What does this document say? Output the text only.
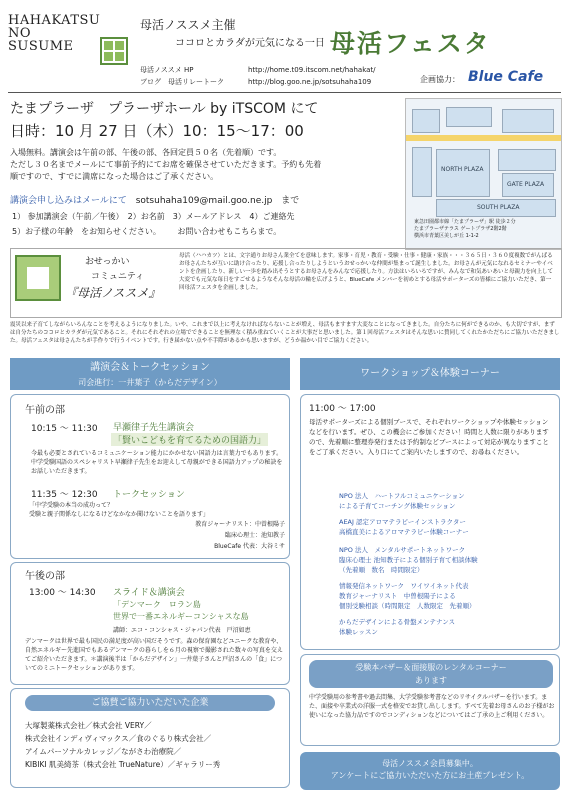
HAHAKATSU
NO
SUSUME
母活ノススメ主催
ココロとカラダが元気になる一日 母活フェスタ
母活ノススメ HP	http://home.t09.itscom.net/hahakat/
ブログ　母活リレートーク	http://blog.goo.ne.jp/sotsuhaha109	企画協力： Blue Cafe
たまプラーザ　プラーザホール by iTSCOM にて
日時：10 月 27 日（木）10：15〜17：00
入場無料。講演会は午前の部、午後の部、各回定員５０名（先着順）です。
ただし３０名までメールにて事前予約にてお席を確保させていただきます。予約も先着
順ですので、すでに満席になった場合はご了承ください。
講演会申し込みはメールにて sotsuhaha109@mail.goo.ne.jp まで
1） 参加講演会（午前／午後）　2）お名前　3）メールアドレス　4）ご連絡先
5）お子様の年齢　をお知らせください。 お問い合わせもこちらまで。
NORTH PLAZA
GATE PLAZA
SOUTH PLAZA
東急田園都市線「たまプラーザ」駅 徒歩２分
たまプラーザテラス ゲートプラザ2階2階
横浜市青葉区美しが丘 1-1-2
おせっかい
コミュニティ
『母活ノススメ』
母活（ハハカツ）とは、文字通りお母さん業全てを意味します。家事・育児・教育・受験・仕事・健康・家族・・・３６５日・３６０度複数でがんばるお母さんたちが互いに助け合ったり、応援し合ったりしようというおせっかいな仲間が集まって誕生しました。お母さんが元気になれるセミナーやイベントを企画したり、新しい一歩を踏み出そうとするお母さんをみんなで応援したり。方法はいろいろですが、みんなで和気あいあいと母親力を向上して大変でも元気な毎日をすごせるようなそんな母活の輪を広げようと、BlueCafe メンバーを初めとする母活サポーターズの皆様にご協力いただき、第一回母活フェスタを企画しました。
震災以来子育てしながらいろんなことを考えるようになりました。いや、これまで以上に考えなければならないことが増え、母活もますます大変なことになってきました。自分たちに何ができるのか、も大切ですが、まずは自分たちのココロとカラダが元気であること。それにそれぞれの立場でできることを無理なく積み重ねていくことが大事だと思いました。第１回母活フェスタはそんな思いに賛同してくれたかただちにご協力いただきました。母活フェスタは母さんたちが手作りで行うイベントです。行き届かない点や不手際があるかも思いますが、どうか温かい目でご協力ください。
講演会＆トークセッション
司会進行：一井葉子（からだデザイン）
午前の部
10:15 〜 11:30 早瀬律子先生講演会
「賢いこどもを育てるための国語力」
今最も必要とされているコミュニケーション能力にかかせない国語力は言葉力でもあります。　中学受験国語のスペシャリスト早瀬律子先生をお迎えして母親ができる国語力アップの秘訣をお話しいただきます。
11:35 〜 12:30 トークセッション
「中学受験の本当の成功って？
受験と親子関係なしになるけどなかなか聞けないことを語ります」
教育ジャーナリスト：中曽根陽子
臨床心理士：池知教子
BlueCafe 代表：大谷ミサ
午後の部
13:00 〜 14:30 スライド＆講演会
「デンマーク　ロラン島
世界で一番エネルギーコンシャスな島
講師：エコ・コンシャス・ジャパン代表　戸沼如恵
デンマークは世界で最も国民の満足度が高い国だそうです。森の保育園などユニークな教育や、自然エネルギー先進国でもあるデンマークの暮らしを６月の視察で撮影された数々の写真を交えてご紹介いただきます。＊講演後半は「からだデザイン」一井葉子さんと戸沼さんの「食」についてのミニトークセッションがあります。
ご協賛ご協力いただいた企業
大塚製薬株式会社／株式会社 VERY／
株式会社インディヴィマックス／食のぐるり株式会社／
アイムパーソナルカレッジ／ながさわ治療院／
KIBIKI 肌美綺茶（株式会社 TrueNature）／ギャラリー秀
ワークショップ＆体験コーナー
11:00 〜 17:00
母活サポーターズによる個別ブースで、それぞれワークショップや体験セッションなどを行います。ぜひ、この機会にご参加ください！時間と人数に限りがありますので、先着順に整理券発行または予約制などブースによって対応が異なりますことをご了承ください。入り口にてご案内いたしますので、お尋ねください。
NPO 法人　ハートフルコミュニケーション
による子育てコーチング体験セッション
AEAJ 認定アロマテラピーインストラクター
高橋直美によるアロマテラピー体験コーナー
NPO 法人　メンタルサポートネットワーク
臨床心理士 池知教子による個別子育て相談体験
（先着順　数名　時間限定）
情報発信ネットワーク　ワイワイネット代表
教育ジャーナリスト　中曽根陽子による
個別受験相談（時間限定　人数限定　先着順）
からだデザインによる骨盤メンテナンス
体験レッスン
受験本バザー＆面接服のレンタルコーナー
あります
中学受験用の参考書や過去問集、大学受験参考書などのリサイクルバザーを行います。また、面接や卒業式の洋服一式を格安でお貸し出しします。すべて先着お母さんのお子様がお使いになった協力品ですのでコンディションなどについてはご了承の上ご利用ください。
母活ノススメ会員募集中。
アンケートにご協力いただいた方にお土産プレゼント。
